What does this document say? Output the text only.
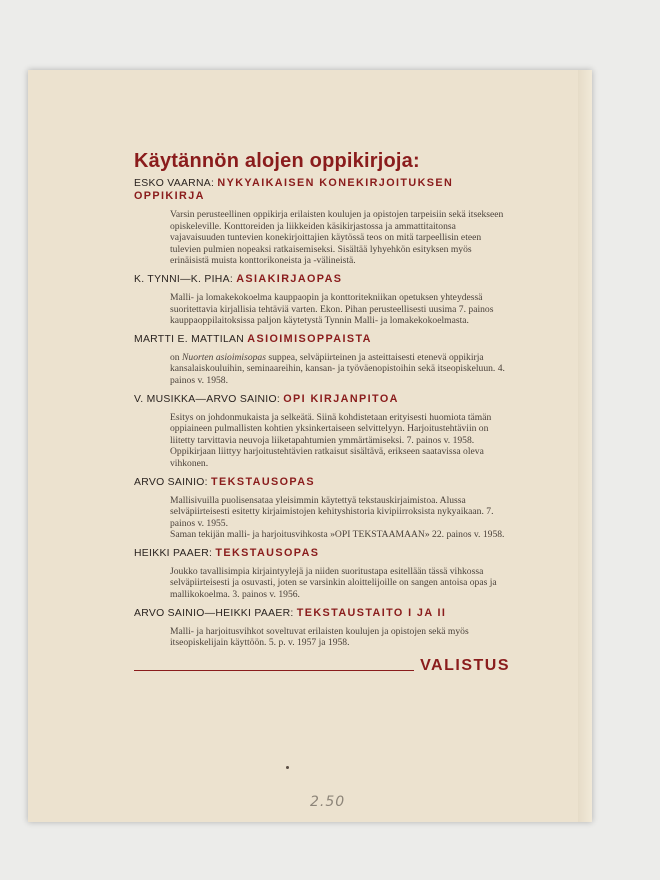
Käytännön alojen oppikirjoja:
ESKO VAARNA: NYKYAIKAISEN KONEKIRJOITUKSEN OPPIKIRJA

Varsin perusteellinen oppikirja erilaisten koulujen ja opistojen tarpeisiin sekä itsekseen opiskeleville. Konttoreiden ja liikkeiden käsikirjastossa ja ammattitaitonsa vajavaisuuden tuntevien konekirjoittajien käytössä teos on mitä tarpeellisin eteen tulevien pulmien nopeaksi ratkaisemiseksi. Sisältää lyhyehkön esityksen myös erinäisistä muista konttorikoneista ja -välineistä.

K. TYNNI—K. PIHA: ASIAKIRJAOPAS

Malli- ja lomakekokoelma kauppaopin ja konttoritekniikan opetuksen yhteydessä suoritettavia kirjallisia tehtäviä varten. Ekon. Pihan perusteellisesti uusima 7. painos kauppaoppilaitoksissa paljon käytetystä Tynnin Malli- ja lomakekokoelmasta.

MARTTI E. MATTILAN ASIOIMISOPPAISTA

on Nuorten asioimisopas suppea, selväpiirteinen ja asteittaisesti etenevä oppikirja kansalaiskouluihin, seminaareihin, kansan- ja työväenopistoihin sekä itseopiskeluun. 4. painos v. 1958.

V. MUSIKKA—ARVO SAINIO: OPI KIRJANPITOA

Esitys on johdonmukaista ja selkeätä. Siinä kohdistetaan erityisesti huomiota tämän oppiaineen pulmallisten kohtien yksinkertaiseen selvittelyyn. Harjoitustehtäviin on liitetty tarvittavia neuvoja liiketapahtumien ymmärtämiseksi. 7. painos v. 1958.

Oppikirjaan liittyy harjoitustehtävien ratkaisut sisältävä, erikseen saatavissa oleva vihkonen.

ARVO SAINIO: TEKSTAUSOPAS

Mallisivuilla puolisensataa yleisimmin käytettyä tekstauskirjaimistoa. Alussa selväpiirteisesti esitetty kirjaimistojen kehityshistoria kivipiirroksista nykyaikaan. 7. painos v. 1955.

Saman tekijän malli- ja harjoitusvihkosta »OPI TEKSTAAMAAN» 22. painos v. 1958.

HEIKKI PAAER: TEKSTAUSOPAS

Joukko tavallisimpia kirjaintyylejä ja niiden suoritustapa esitellään tässä vihkossa selväpiirteisesti ja osuvasti, joten se varsinkin aloittelijoille on sangen antoisa opas ja mallikokoelma. 3. painos v. 1956.

ARVO SAINIO—HEIKKI PAAER: TEKSTAUSTAITO I JA II

Malli- ja harjoitusvihkot soveltuvat erilaisten koulujen ja opistojen sekä myös itseopiskelijain käyttöön. 5. p. v. 1957 ja 1958.

VALISTUS
2.50
